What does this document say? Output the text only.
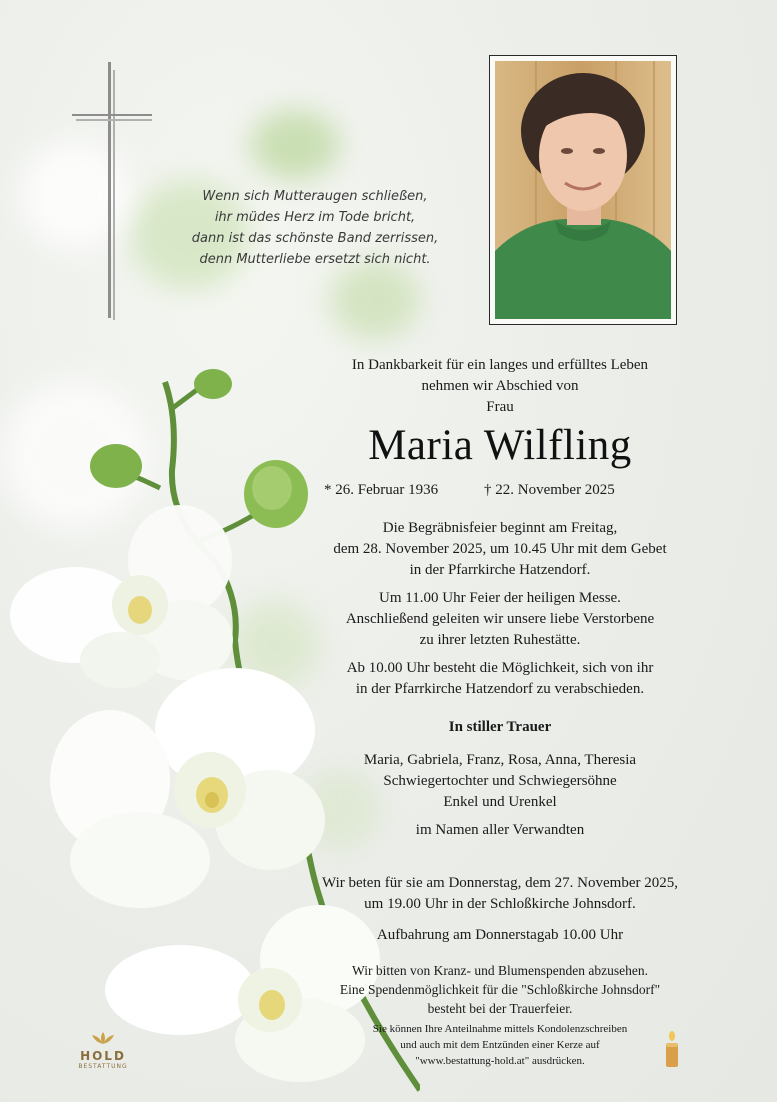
Wenn sich Mutteraugen schließen,
ihr müdes Herz im Tode bricht,
dann ist das schönste Band zerrissen,
denn Mutterliebe ersetzt sich nicht.
In Dankbarkeit für ein langes und erfülltes Leben
nehmen wir Abschied von
Frau
Maria Wilfling
* 26. Februar 1936	† 22. November 2025
Die Begräbnisfeier beginnt am Freitag,
dem 28. November 2025, um 10.45 Uhr mit dem Gebet
in der Pfarrkirche Hatzendorf.
Um 11.00 Uhr Feier der heiligen Messe.
Anschließend geleiten wir unsere liebe Verstorbene
zu ihrer letzten Ruhestätte.
Ab 10.00 Uhr besteht die Möglichkeit, sich von ihr
in der Pfarrkirche Hatzendorf zu verabschieden.
In stiller Trauer
Maria, Gabriela, Franz, Rosa, Anna, Theresia
Schwiegertochter und Schwiegersöhne
Enkel und Urenkel
im Namen aller Verwandten
Wir beten für sie am Donnerstag, dem 27. November 2025,
um 19.00 Uhr in der Schloßkirche Johnsdorf.
Aufbahrung am Donnerstagab 10.00 Uhr
Wir bitten von Kranz- und Blumenspenden abzusehen.
Eine Spendenmöglichkeit für die "Schloßkirche Johnsdorf"
besteht bei der Trauerfeier.
Sie können Ihre Anteilnahme mittels Kondolenzschreiben
und auch mit dem Entzünden einer Kerze auf
"www.bestattung-hold.at" ausdrücken.
HOLD
BESTATTUNG
